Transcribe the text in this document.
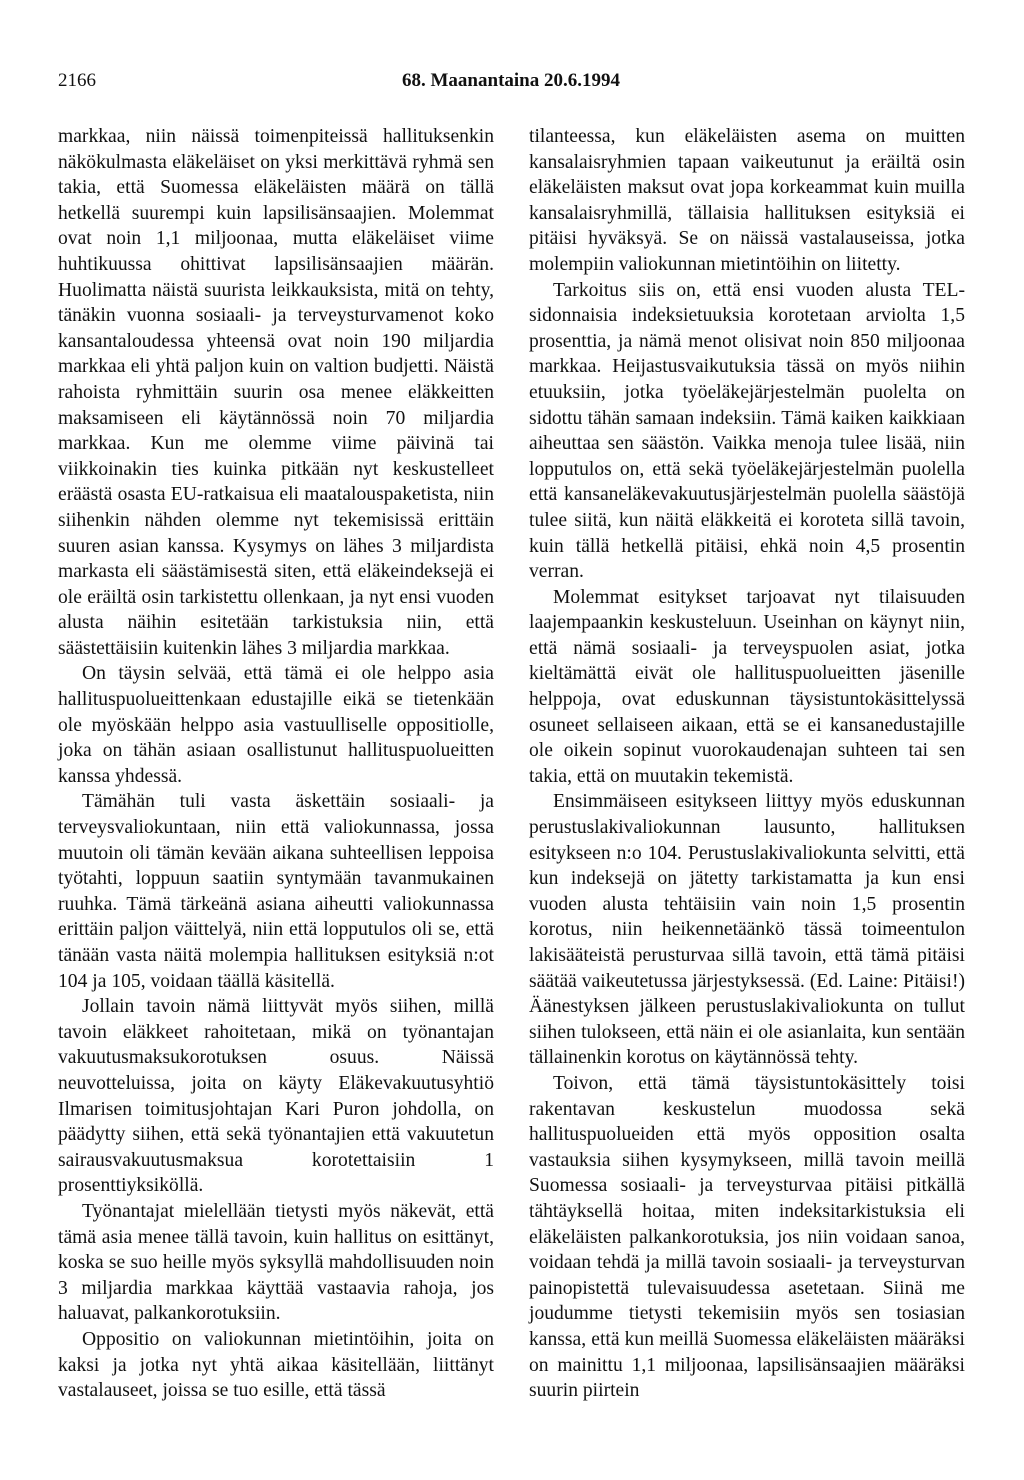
2166	68. Maanantaina 20.6.1994

markkaa, niin näissä toimenpiteissä hallituksenkin näkökulmasta eläkeläiset on yksi merkittävä ryhmä sen takia, että Suomessa eläkeläisten määrä on tällä hetkellä suurempi kuin lapsilisänsaajien. Molemmat ovat noin 1,1 miljoonaa, mutta eläkeläiset viime huhtikuussa ohittivat lapsilisänsaajien määrän. Huolimatta näistä suurista leikkauksista, mitä on tehty, tänäkin vuonna sosiaali- ja terveysturvamenot koko kansantaloudessa yhteensä ovat noin 190 miljardia markkaa eli yhtä paljon kuin on valtion budjetti. Näistä rahoista ryhmittäin suurin osa menee eläkkeitten maksamiseen eli käytännössä noin 70 miljardia markkaa. Kun me olemme viime päivinä tai viikkoinakin ties kuinka pitkään nyt keskustelleet eräästä osasta EU-ratkaisua eli maatalouspaketista, niin siihenkin nähden olemme nyt tekemisissä erittäin suuren asian kanssa. Kysymys on lähes 3 miljardista markasta eli säästämisestä siten, että eläkeindeksejä ei ole eräiltä osin tarkistettu ollenkaan, ja nyt ensi vuoden alusta näihin esitetään tarkistuksia niin, että säästettäisiin kuitenkin lähes 3 miljardia markkaa.

On täysin selvää, että tämä ei ole helppo asia hallituspuolueittenkaan edustajille eikä se tietenkään ole myöskään helppo asia vastuulliselle oppositiolle, joka on tähän asiaan osallistunut hallituspuolueitten kanssa yhdessä.

Tämähän tuli vasta äskettäin sosiaali- ja terveysvaliokuntaan, niin että valiokunnassa, jossa muutoin oli tämän kevään aikana suhteellisen leppoisa työtahti, loppuun saatiin syntymään tavanmukainen ruuhka. Tämä tärkeänä asiana aiheutti valiokunnassa erittäin paljon väittelyä, niin että lopputulos oli se, että tänään vasta näitä molempia hallituksen esityksiä n:ot 104 ja 105, voidaan täällä käsitellä.

Jollain tavoin nämä liittyvät myös siihen, millä tavoin eläkkeet rahoitetaan, mikä on työnantajan vakuutusmaksukorotuksen osuus. Näissä neuvotteluissa, joita on käyty Eläkevakuutusyhtiö Ilmarisen toimitusjohtajan Kari Puron johdolla, on päädytty siihen, että sekä työnantajien että vakuutetun sairausvakuutusmaksua korotettaisiin 1 prosenttiyksiköllä.

Työnantajat mielellään tietysti myös näkevät, että tämä asia menee tällä tavoin, kuin hallitus on esittänyt, koska se suo heille myös syksyllä mahdollisuuden noin 3 miljardia markkaa käyttää vastaavia rahoja, jos haluavat, palkankorotuksiin.

Oppositio on valiokunnan mietintöihin, joita on kaksi ja jotka nyt yhtä aikaa käsitellään, liittänyt vastalauseet, joissa se tuo esille, että tässä

tilanteessa, kun eläkeläisten asema on muitten kansalaisryhmien tapaan vaikeutunut ja eräiltä osin eläkeläisten maksut ovat jopa korkeammat kuin muilla kansalaisryhmillä, tällaisia hallituksen esityksiä ei pitäisi hyväksyä. Se on näissä vastalauseissa, jotka molempiin valiokunnan mietintöihin on liitetty.

Tarkoitus siis on, että ensi vuoden alusta TEL-sidonnaisia indeksietuuksia korotetaan arviolta 1,5 prosenttia, ja nämä menot olisivat noin 850 miljoonaa markkaa. Heijastusvaikutuksia tässä on myös niihin etuuksiin, jotka työeläkejärjestelmän puolelta on sidottu tähän samaan indeksiin. Tämä kaiken kaikkiaan aiheuttaa sen säästön. Vaikka menoja tulee lisää, niin lopputulos on, että sekä työeläkejärjestelmän puolella että kansaneläkevakuutusjärjestelmän puolella säästöjä tulee siitä, kun näitä eläkkeitä ei koroteta sillä tavoin, kuin tällä hetkellä pitäisi, ehkä noin 4,5 prosentin verran.

Molemmat esitykset tarjoavat nyt tilaisuuden laajempaankin keskusteluun. Useinhan on käynyt niin, että nämä sosiaali- ja terveyspuolen asiat, jotka kieltämättä eivät ole hallituspuolueitten jäsenille helppoja, ovat eduskunnan täysistuntokäsittelyssä osuneet sellaiseen aikaan, että se ei kansanedustajille ole oikein sopinut vuorokaudenajan suhteen tai sen takia, että on muutakin tekemistä.

Ensimmäiseen esitykseen liittyy myös eduskunnan perustuslakivaliokunnan lausunto, hallituksen esitykseen n:o 104. Perustuslakivaliokunta selvitti, että kun indeksejä on jätetty tarkistamatta ja kun ensi vuoden alusta tehtäisiin vain noin 1,5 prosentin korotus, niin heikennetäänkö tässä toimeentulon lakisääteistä perusturvaa sillä tavoin, että tämä pitäisi säätää vaikeutetussa järjestyksessä. (Ed. Laine: Pitäisi!) Äänestyksen jälkeen perustuslakivaliokunta on tullut siihen tulokseen, että näin ei ole asianlaita, kun sentään tällainenkin korotus on käytännössä tehty.

Toivon, että tämä täysistuntokäsittely toisi rakentavan keskustelun muodossa sekä hallituspuolueiden että myös opposition osalta vastauksia siihen kysymykseen, millä tavoin meillä Suomessa sosiaali- ja terveysturvaa pitäisi pitkällä tähtäyksellä hoitaa, miten indeksitarkistuksia eli eläkeläisten palkankorotuksia, jos niin voidaan sanoa, voidaan tehdä ja millä tavoin sosiaali- ja terveysturvan painopistettä tulevaisuudessa asetetaan. Siinä me joudumme tietysti tekemisiin myös sen tosiasian kanssa, että kun meillä Suomessa eläkeläisten määräksi on mainittu 1,1 miljoonaa, lapsilisänsaajien määräksi suurin piirtein
